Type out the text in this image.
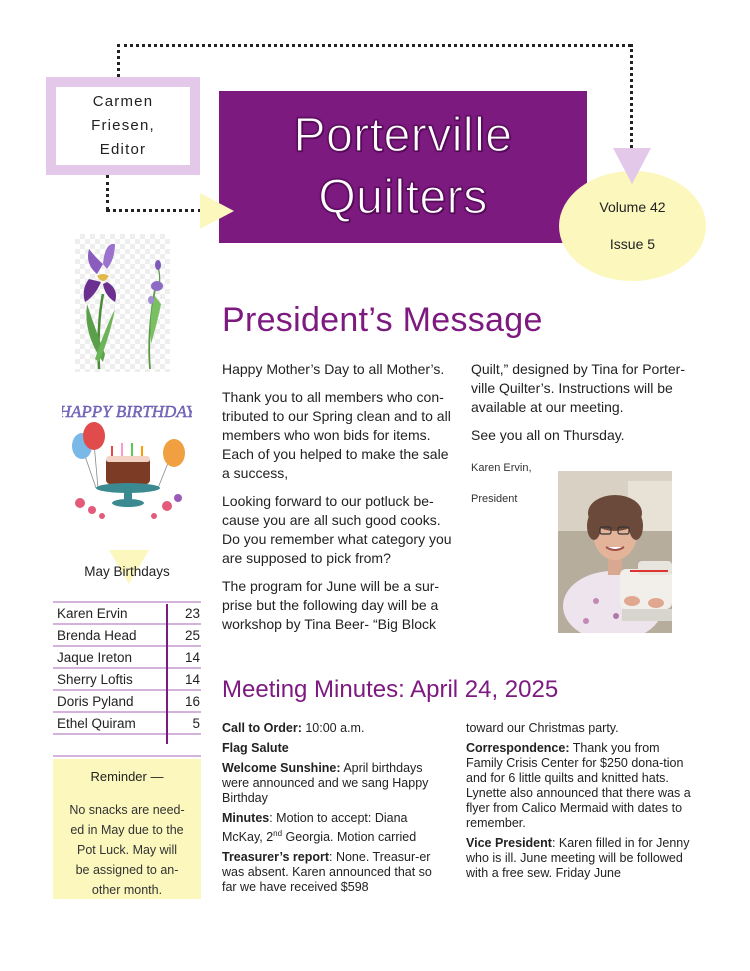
Carmen
Friesen,
Editor	Porterville
Quilters	Volume 42
Issue 5
HAPPY BIRTHDAY
May Birthdays
Karen Ervin	23
Brenda Head	25
Jaque Ireton	14
Sherry Loftis	14
Doris Pyland	16
Ethel Quiram	5
Reminder —
No snacks are need-
ed in May due to the
Pot Luck. May will
be assigned to an-
other month.
President’s Message

Happy Mother’s Day to all Mother’s.

Thank you to all members who con-tributed to our Spring clean and to all members who won bids for items. Each of you helped to make the sale a success,

Looking forward to our potluck be-cause you are all such good cooks. Do you remember what category you are supposed to pick from?

The program for June will be a sur-prise but the following day will be a workshop by Tina Beer- “Big Block

Quilt,” designed by Tina for Porter-ville Quilter’s. Instructions will be available at our meeting.

See you all on Thursday.

Karen Ervin,
President
Meeting Minutes: April 24, 2025

Call to Order: 10:00 a.m.

Flag Salute

Welcome Sunshine: April birthdays were announced and we sang Happy Birthday

Minutes: Motion to accept: Diana McKay, 2nd Georgia. Motion carried

Treasurer’s report: None. Treasur-er was absent. Karen announced that so far we have received $598

toward our Christmas party.

Correspondence: Thank you from Family Crisis Center for $250 dona-tion and for 6 little quilts and knitted hats. Lynette also announced that there was a flyer from Calico Mermaid with dates to remember.

Vice President: Karen filled in for Jenny who is ill. June meeting will be followed with a free sew. Friday June
